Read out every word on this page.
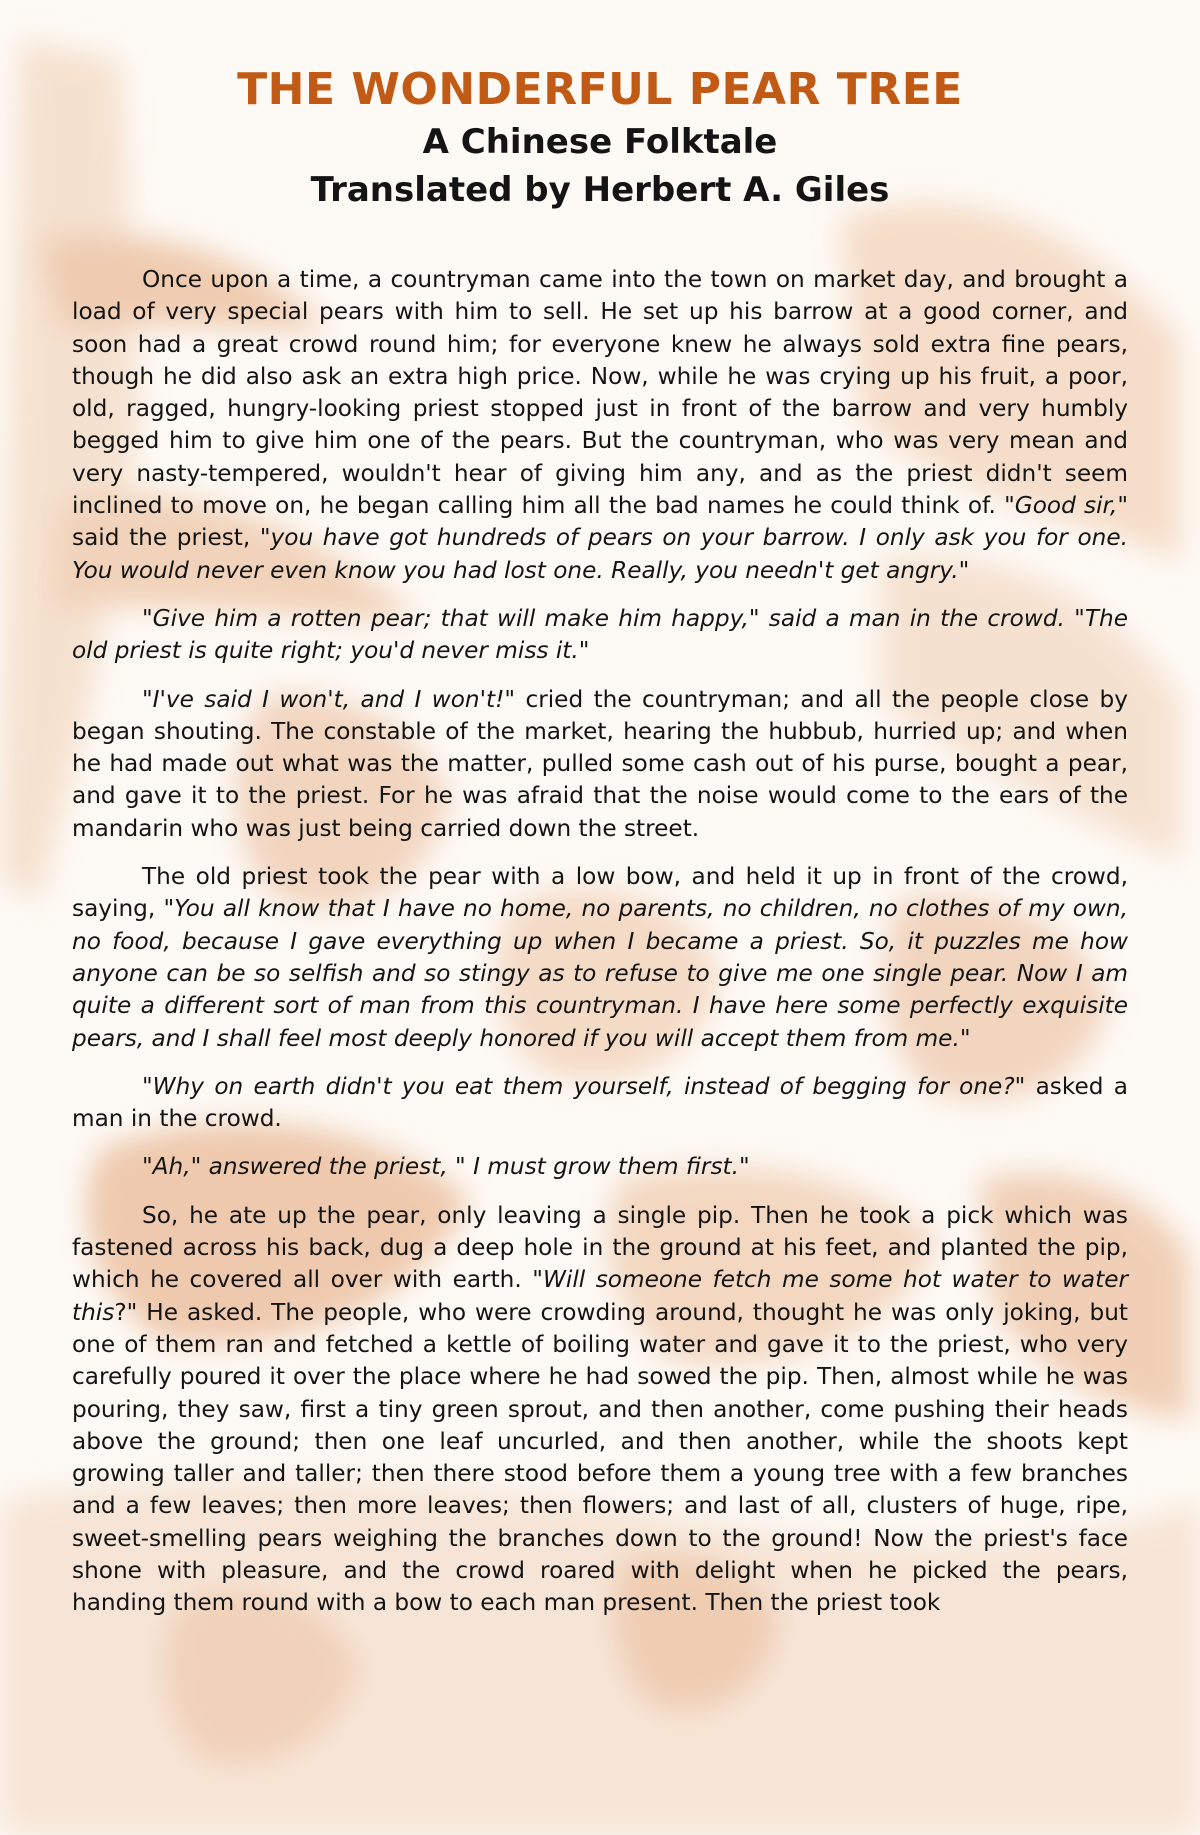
THE WONDERFUL PEAR TREE
A Chinese Folktale
Translated by Herbert A. Giles

Once upon a time, a countryman came into the town on market day, and brought a load of very special pears with him to sell. He set up his barrow at a good corner, and soon had a great crowd round him; for everyone knew he always sold extra fine pears, though he did also ask an extra high price. Now, while he was crying up his fruit, a poor, old, ragged, hungry-looking priest stopped just in front of the barrow and very humbly begged him to give him one of the pears. But the countryman, who was very mean and very nasty-tempered, wouldn't hear of giving him any, and as the priest didn't seem inclined to move on, he began calling him all the bad names he could think of. "Good sir," said the priest, "you have got hundreds of pears on your barrow. I only ask you for one. You would never even know you had lost one. Really, you needn't get angry."

"Give him a rotten pear; that will make him happy," said a man in the crowd. "The old priest is quite right; you'd never miss it."

"I've said I won't, and I won't!" cried the countryman; and all the people close by began shouting. The constable of the market, hearing the hubbub, hurried up; and when he had made out what was the matter, pulled some cash out of his purse, bought a pear, and gave it to the priest. For he was afraid that the noise would come to the ears of the mandarin who was just being carried down the street.

The old priest took the pear with a low bow, and held it up in front of the crowd, saying, "You all know that I have no home, no parents, no children, no clothes of my own, no food, because I gave everything up when I became a priest. So, it puzzles me how anyone can be so selfish and so stingy as to refuse to give me one single pear. Now I am quite a different sort of man from this countryman. I have here some perfectly exquisite pears, and I shall feel most deeply honored if you will accept them from me."

"Why on earth didn't you eat them yourself, instead of begging for one?" asked a man in the crowd.

"Ah," answered the priest, " I must grow them first."

So, he ate up the pear, only leaving a single pip. Then he took a pick which was fastened across his back, dug a deep hole in the ground at his feet, and planted the pip, which he covered all over with earth. "Will someone fetch me some hot water to water this?" He asked. The people, who were crowding around, thought he was only joking, but one of them ran and fetched a kettle of boiling water and gave it to the priest, who very carefully poured it over the place where he had sowed the pip. Then, almost while he was pouring, they saw, first a tiny green sprout, and then another, come pushing their heads above the ground; then one leaf uncurled, and then another, while the shoots kept growing taller and taller; then there stood before them a young tree with a few branches and a few leaves; then more leaves; then flowers; and last of all, clusters of huge, ripe, sweet-smelling pears weighing the branches down to the ground! Now the priest's face shone with pleasure, and the crowd roared with delight when he picked the pears, handing them round with a bow to each man present. Then the priest took
